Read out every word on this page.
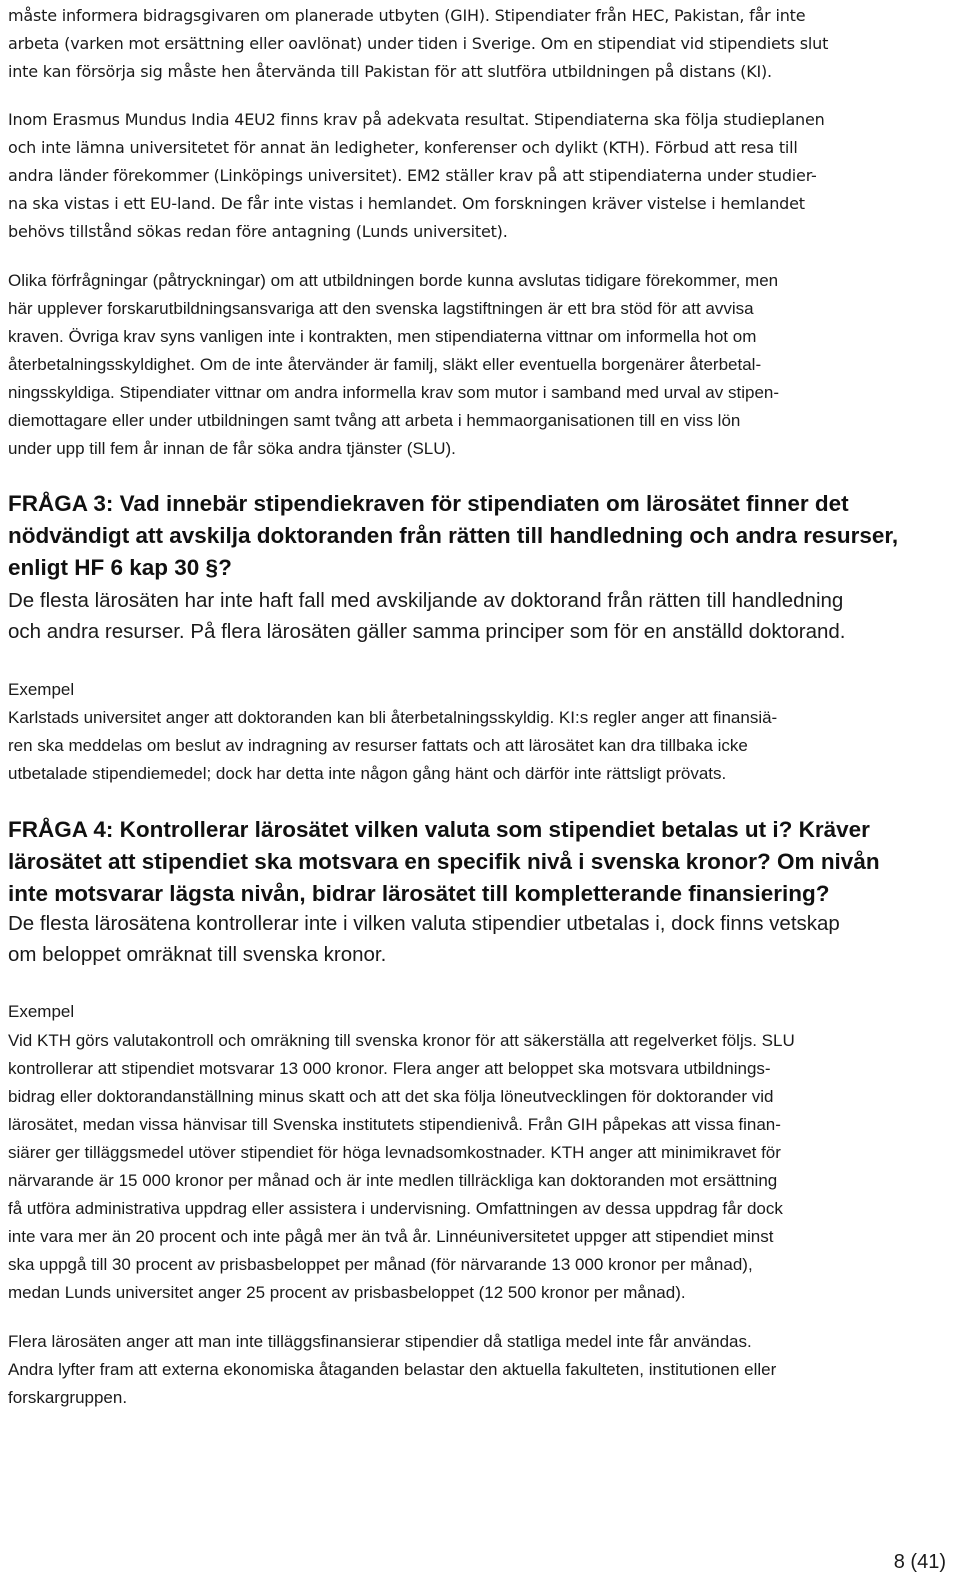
måste informera bidragsgivaren om planerade utbyten (GIH). Stipendiater från HEC, Pakistan, får inte
arbeta (varken mot ersättning eller oavlönat) under tiden i Sverige. Om en stipendiat vid stipendiets slut
inte kan försörja sig måste hen återvända till Pakistan för att slutföra utbildningen på distans (KI).
Inom Erasmus Mundus India 4EU2 finns krav på adekvata resultat. Stipendiaterna ska följa studieplanen
och inte lämna universitetet för annat än ledigheter, konferenser och dylikt (KTH). Förbud att resa till
andra länder förekommer (Linköpings universitet). EM2 ställer krav på att stipendiaterna under studier-
na ska vistas i ett EU-land. De får inte vistas i hemlandet. Om forskningen kräver vistelse i hemlandet
behövs tillstånd sökas redan före antagning (Lunds universitet).
Olika förfrågningar (påtryckningar) om att utbildningen borde kunna avslutas tidigare förekommer, men
här upplever forskarutbildningsansvariga att den svenska lagstiftningen är ett bra stöd för att avvisa
kraven. Övriga krav syns vanligen inte i kontrakten, men stipendiaterna vittnar om informella hot om
återbetalningsskyldighet. Om de inte återvänder är familj, släkt eller eventuella borgenärer återbetal-
ningsskyldiga. Stipendiater vittnar om andra informella krav som mutor i samband med urval av stipen-
diemottagare eller under utbildningen samt tvång att arbeta i hemmaorganisationen till en viss lön
under upp till fem år innan de får söka andra tjänster (SLU).
FRÅGA 3: Vad innebär stipendiekraven för stipendiaten om lärosätet finner det
nödvändigt att avskilja doktoranden från rätten till handledning och andra resurser,
enligt HF 6 kap 30 §?
De flesta lärosäten har inte haft fall med avskiljande av doktorand från rätten till handledning
och andra resurser. På flera lärosäten gäller samma principer som för en anställd doktorand.
Exempel
Karlstads universitet anger att doktoranden kan bli återbetalningsskyldig. KI:s regler anger att finansiä-
ren ska meddelas om beslut av indragning av resurser fattats och att lärosätet kan dra tillbaka icke
utbetalade stipendiemedel; dock har detta inte någon gång hänt och därför inte rättsligt prövats.
FRÅGA 4: Kontrollerar lärosätet vilken valuta som stipendiet betalas ut i? Kräver
lärosätet att stipendiet ska motsvara en specifik nivå i svenska kronor? Om nivån
inte motsvarar lägsta nivån, bidrar lärosätet till kompletterande finansiering?
De flesta lärosätena kontrollerar inte i vilken valuta stipendier utbetalas i, dock finns vetskap
om beloppet omräknat till svenska kronor.
Exempel
Vid KTH görs valutakontroll och omräkning till svenska kronor för att säkerställa att regelverket följs. SLU
kontrollerar att stipendiet motsvarar 13 000 kronor. Flera anger att beloppet ska motsvara utbildnings-
bidrag eller doktorandanställning minus skatt och att det ska följa löneutvecklingen för doktorander vid
lärosätet, medan vissa hänvisar till Svenska institutets stipendienivå. Från GIH påpekas att vissa finan-
siärer ger tilläggsmedel utöver stipendiet för höga levnadsomkostnader. KTH anger att minimikravet för
närvarande är 15 000 kronor per månad och är inte medlen tillräckliga kan doktoranden mot ersättning
få utföra administrativa uppdrag eller assistera i undervisning. Omfattningen av dessa uppdrag får dock
inte vara mer än 20 procent och inte pågå mer än två år. Linnéuniversitetet uppger att stipendiet minst
ska uppgå till 30 procent av prisbasbeloppet per månad (för närvarande 13 000 kronor per månad),
medan Lunds universitet anger 25 procent av prisbasbeloppet (12 500 kronor per månad).
Flera lärosäten anger att man inte tilläggsfinansierar stipendier då statliga medel inte får användas.
Andra lyfter fram att externa ekonomiska åtaganden belastar den aktuella fakulteten, institutionen eller
forskargruppen.
8 (41)
